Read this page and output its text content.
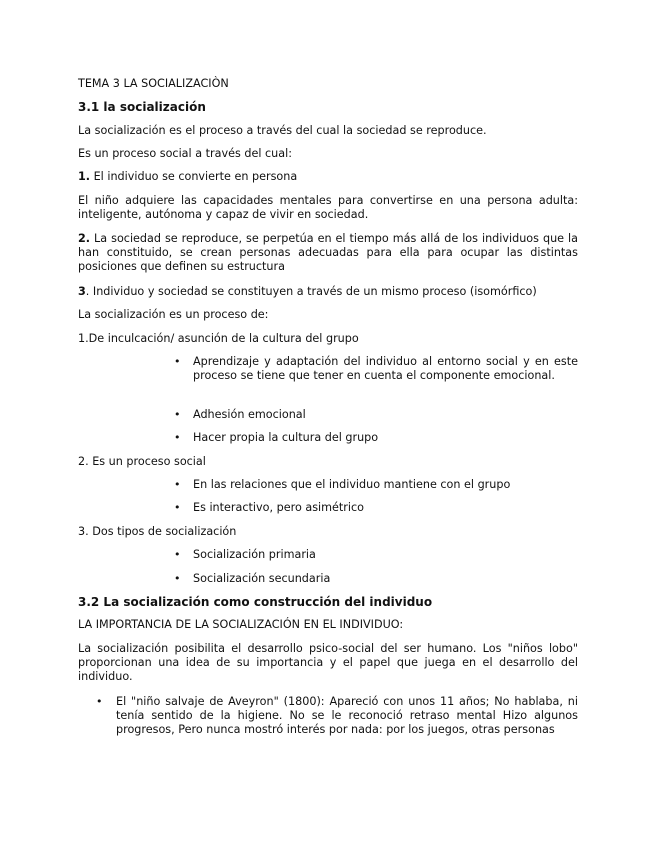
TEMA 3 LA SOCIALIZACIÒN

3.1 la socialización

La socialización es el proceso a través del cual la sociedad se reproduce.

Es un proceso social a través del cual:

1. El individuo se convierte en persona

El niño adquiere las capacidades mentales para convertirse en una persona adulta: inteligente, autónoma y capaz de vivir en sociedad.

2. La sociedad se reproduce, se perpetúa en el tiempo más allá de los individuos que la han constituido, se crean personas adecuadas para ella para ocupar las distintas posiciones que definen su estructura

3. Individuo y sociedad se constituyen a través de un mismo proceso (isomórfico)

La socialización es un proceso de:

1.De inculcación/ asunción de la cultura del grupo

• Aprendizaje y adaptación del individuo al entorno social y en este proceso se tiene que tener en cuenta el componente emocional.

• Adhesión emocional

• Hacer propia la cultura del grupo

2. Es un proceso social

• En las relaciones que el individuo mantiene con el grupo

• Es interactivo, pero asimétrico

3. Dos tipos de socialización

• Socialización primaria

• Socialización secundaria

3.2 La socialización como construcción del individuo

LA IMPORTANCIA DE LA SOCIALIZACIÓN EN EL INDIVIDUO:

La socialización posibilita el desarrollo psico-social del ser humano. Los "niños lobo" proporcionan una idea de su importancia y el papel que juega en el desarrollo del individuo.

• El "niño salvaje de Aveyron" (1800): Apareció con unos 11 años; No hablaba, ni tenía sentido de la higiene. No se le reconoció retraso mental Hizo algunos progresos, Pero nunca mostró interés por nada: por los juegos, otras personas
